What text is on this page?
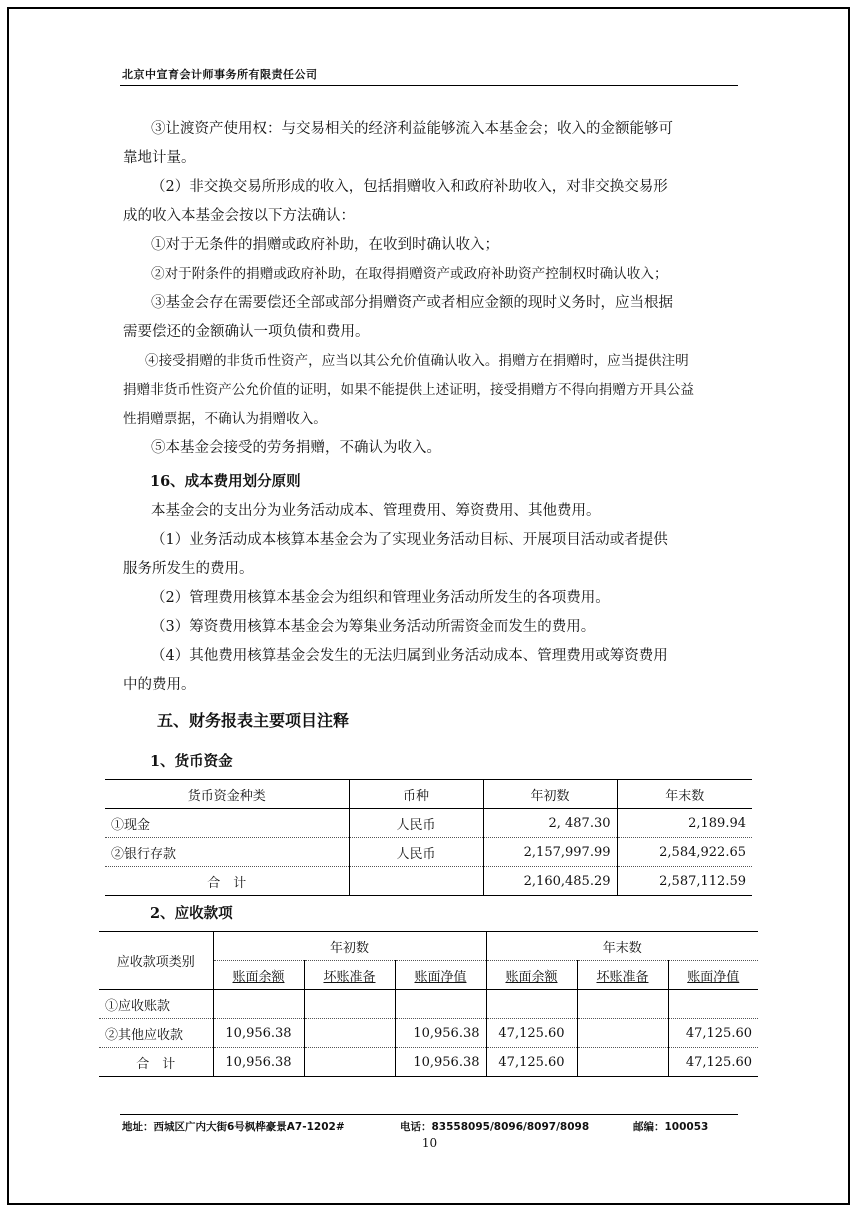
北京中宣育会计师事务所有限责任公司

③让渡资产使用权：与交易相关的经济利益能够流入本基金会；收入的金额能够可

靠地计量。

（2）非交换交易所形成的收入，包括捐赠收入和政府补助收入，对非交换交易形

成的收入本基金会按以下方法确认：

①对于无条件的捐赠或政府补助，在收到时确认收入；

②对于附条件的捐赠或政府补助，在取得捐赠资产或政府补助资产控制权时确认收入；

③基金会存在需要偿还全部或部分捐赠资产或者相应金额的现时义务时，应当根据

需要偿还的金额确认一项负债和费用。

④接受捐赠的非货币性资产，应当以其公允价值确认收入。捐赠方在捐赠时，应当提供注明

捐赠非货币性资产公允价值的证明，如果不能提供上述证明，接受捐赠方不得向捐赠方开具公益

性捐赠票据，不确认为捐赠收入。

⑤本基金会接受的劳务捐赠，不确认为收入。

16、成本费用划分原则

本基金会的支出分为业务活动成本、管理费用、筹资费用、其他费用。

（1）业务活动成本核算本基金会为了实现业务活动目标、开展项目活动或者提供

服务所发生的费用。

（2）管理费用核算本基金会为组织和管理业务活动所发生的各项费用。

（3）筹资费用核算本基金会为筹集业务活动所需资金而发生的费用。

（4）其他费用核算基金会发生的无法归属到业务活动成本、管理费用或筹资费用

中的费用。

五、财务报表主要项目注释

1、货币资金

货币资金种类	币种	年初数	年末数
①现金	人民币	2, 487.30	2,189.94
②银行存款	人民币	2,157,997.99	2,584,922.65
合　计		2,160,485.29	2,587,112.59

2、应收款项

应收款项类别	年初数			年末数		
	账面余额	坏账准备	账面净值	账面余额	坏账准备	账面净值
①应收账款						
②其他应收款	10,956.38		10,956.38	47,125.60		47,125.60
合　计	10,956.38		10,956.38	47,125.60		47,125.60
地址：西城区广内大街6号枫桦豪景A7-1202#	电话：83558095/8096/8097/8098	邮编：100053
10
